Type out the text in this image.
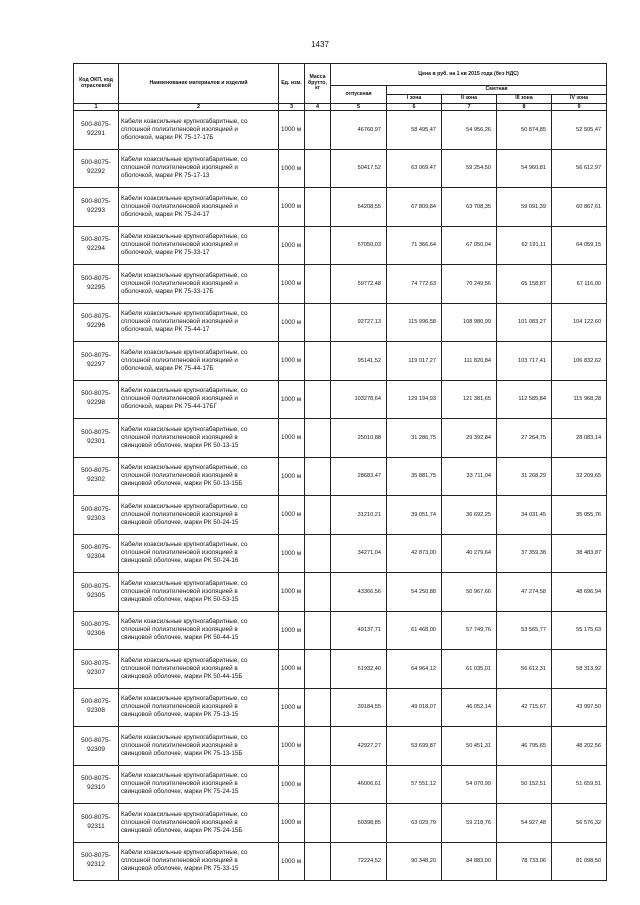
1437
Код ОКП, код отраслевой	Наименование материалов и изделий	Ед. изм.	Масса брутто, кг	Цена в руб. на 1 кв 2015 года (без НДС)				
				отпускная	Сметная			
					I зона	II зона	III зона	IV зона
1	2	3	4	5	6	7	8	9

500-8075-
92291	Кабели коаксильные крупногабаритные, со
сплошной полиэтиленовой изоляцией и
оболочкой, марки РК 75-17-17Б	1000 м		46760,97	58 495,47	54 956,26	50 874,85	52 505,47

500-8075-
92292	Кабели коаксильные крупногабаритные, со
сплошной полиэтиленовой изоляцией и
оболочкой, марки РК 75-17-13	1000 м		50417,52	63 069,47	59 254,50	54 960,81	56 612,97

500-8075-
92293	Кабели коаксильные крупногабаритные, со
сплошной полиэтиленовой изоляцией и
оболочкой, марки РК 75-24-17	1000 м		54208,55	67 809,84	63 708,35	59 091,39	60 867,61

500-8075-
92294	Кабели коаксильные крупногабаритные, со
сплошной полиэтиленовой изоляцией и
оболочкой, марки РК 75-33-17	1000 м		57050,03	71 366,64	67 050,04	62 191,11	64 059,15

500-8075-
92295	Кабели коаксильные крупногабаритные, со
сплошной полиэтиленовой изоляцией и
оболочкой, марки РК 75-33-17Б	1000 м		59772,48	74 772,63	70 249,56	65 158,87	67 116,00

500-8075-
92296	Кабели коаксильные крупногабаритные, со
сплошной полиэтиленовой изоляцией и
оболочкой, марки РК 75-44-17	1000 м		92727,13	115 996,58	108 980,99	101 083,27	104 122,60

500-8075-
92297	Кабели коаксильные крупногабаритные, со
сплошной полиэтиленовой изоляцией и
оболочкой, марки РК 75-44-17Б	1000 м		95141,52	119 017,27	111 820,84	103 717,41	106 832,62

500-8075-
92298	Кабели коаксильные крупногабаритные, со
сплошной полиэтиленовой изоляцией и
оболочкой, марки РК 75-44-17БГ	1000 м		103278,64	129 194,93	121 381,65	112 585,84	115 968,28

500-8075-
92301	Кабели коаксильные крупногабаритные, со
сплошной полиэтиленовой изоляцией в
свинцовой оболочке, марки РК 50-13-15	1000 м		25010,88	31 286,75	29 392,84	27 264,75	28 083,14

500-8075-
92302	Кабели коаксильные крупногабаритные, со
сплошной полиэтиленовой изоляцией в
свинцовой оболочке, марки РК 50-13-15Б	1000 м		28683,47	35 881,75	33 711,04	31 268,29	32 209,65

500-8075-
92303	Кабели коаксильные крупногабаритные, со
сплошной полиэтиленовой изоляцией в
свинцовой оболочке, марки РК 50-24-15	1000 м		31210,21	39 051,74	36 692,25	34 031,45	35 055,76

500-8075-
92304	Кабели коаксильные крупногабаритные, со
сплошной полиэтиленовой изоляцией в
свинцовой оболочке, марки РК 50-24-16	1000 м		34271,04	42 873,00	40 279,64	37 359,38	38 483,87

500-8075-
92305	Кабели коаксильные крупногабаритные, со
сплошной полиэтиленовой изоляцией в
свинцовой оболочке, марки РК 50-53-15	1000 м		43366,56	54 250,88	50 967,66	47 274,58	48 696,94

500-8075-
92306	Кабели коаксильные крупногабаритные, со
сплошной полиэтиленовой изоляцией в
свинцовой оболочке, марки РК 50-44-15	1000 м		49137,71	61 468,00	57 749,76	53 565,77	55 175,63

500-8075-
92307	Кабели коаксильные крупногабаритные, со
сплошной полиэтиленовой изоляцией в
свинцовой оболочке, марки РК 50-44-15Б	1000 м		51932,40	64 964,12	61 035,01	56 612,31	58 313,92

500-8075-
92308	Кабели коаксильные крупногабаритные, со
сплошной полиэтиленовой изоляцией в
свинцовой оболочке, марки РК 75-13-15	1000 м		39184,55	49 018,07	46 052,14	42 715,67	43 997,50

500-8075-
92309	Кабели коаксильные крупногабаритные, со
сплошной полиэтиленовой изоляцией в
свинцовой оболочке, марки РК 75-13-15Б	1000 м		42927,27	53 699,87	50 451,31	46 795,65	48 202,56

500-8075-
92310	Кабели коаксильные крупногабаритные, со
сплошной полиэтиленовой изоляцией в
свинцовой оболочке, марки РК 75-24-15	1000 м		46006,61	57 551,12	54 070,99	50 152,51	51 659,51

500-8075-
92311	Кабели коаксильные крупногабаритные, со
сплошной полиэтиленовой изоляцией в
свинцовой оболочке, марки РК 75-24-15Б	1000 м		50398,85	63 029,79	59 218,76	54 927,48	56 576,32

500-8075-
92312	Кабели коаксильные крупногабаритные, со
сплошной полиэтиленовой изоляцией в
свинцовой оболочке, марки РК 75-33-15	1000 м		72224,52	90 348,20	84 883,00	78 733,06	81 098,50
